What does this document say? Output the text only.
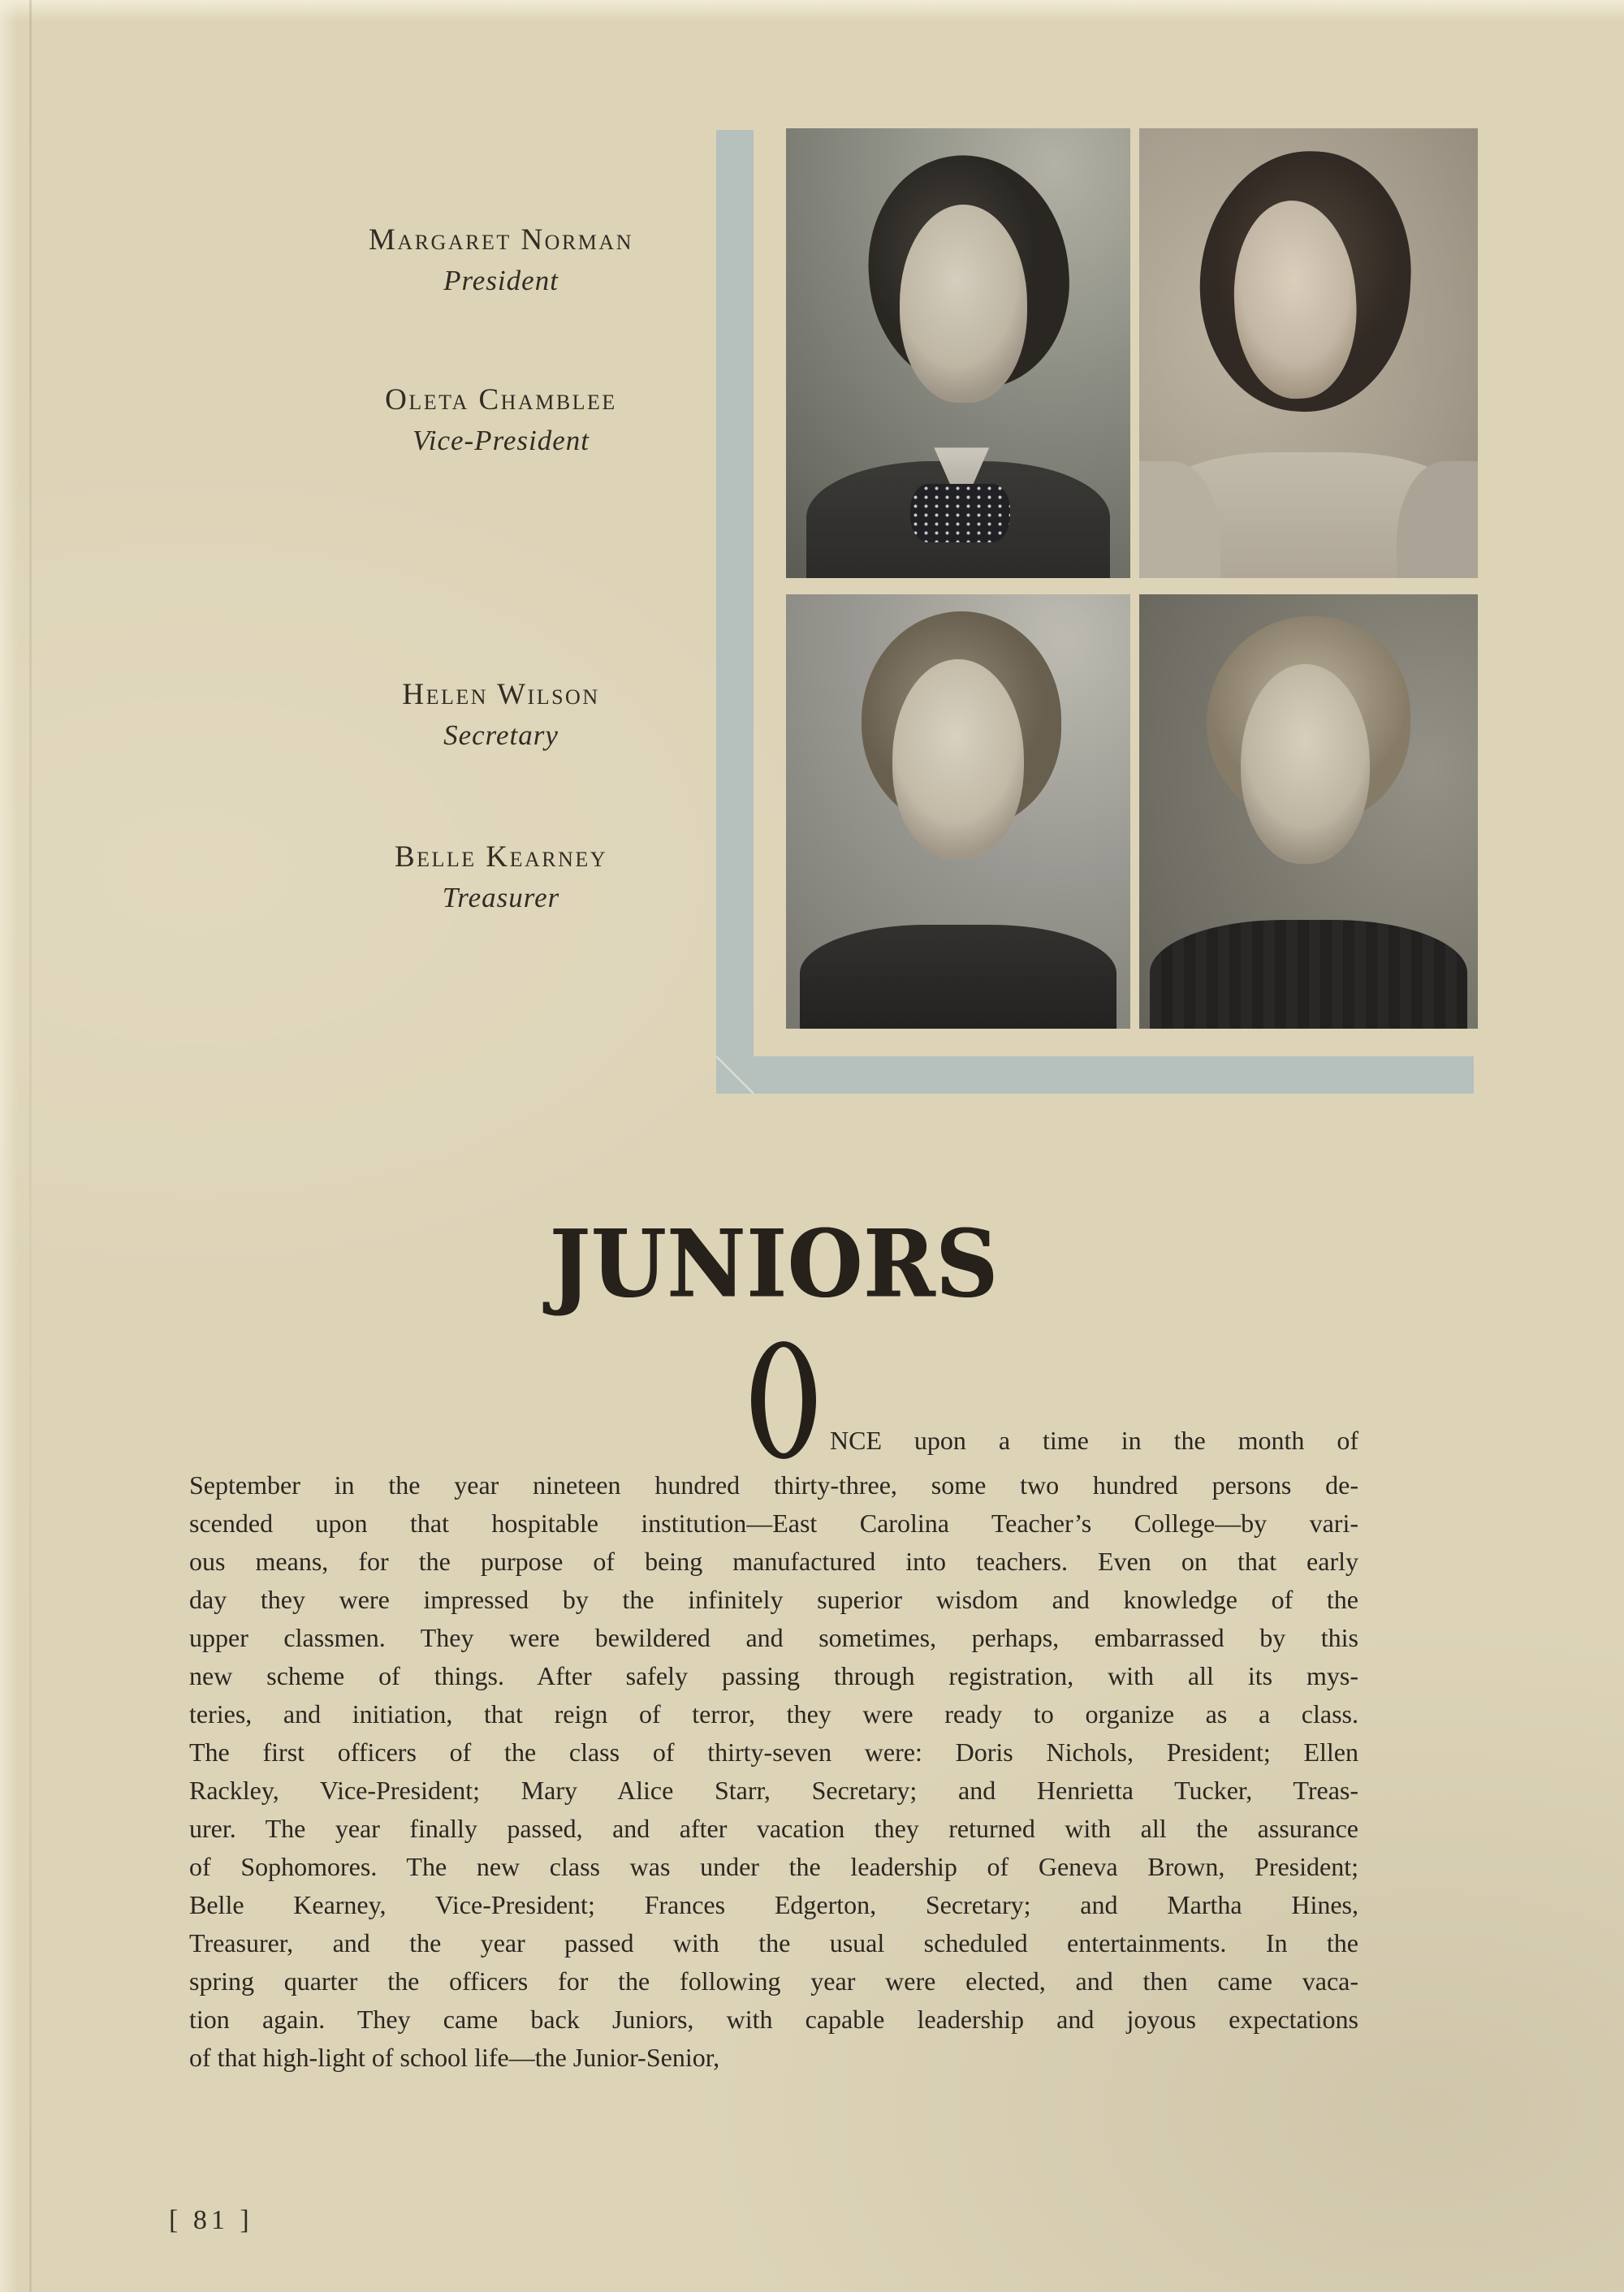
Margaret Norman
President
Oleta Chamblee
Vice-President
Helen Wilson
Secretary
Belle Kearney
Treasurer
JUNIORS
NCE upon a time in the month of
September in the year nineteen hundred thirty-three, some two hundred persons de-
scended upon that hospitable institution—East Carolina Teacher’s College—by vari-
ous means, for the purpose of being manufactured into teachers. Even on that early
day they were impressed by the infinitely superior wisdom and knowledge of the
upper classmen. They were bewildered and sometimes, perhaps, embarrassed by this
new scheme of things. After safely passing through registration, with all its mys-
teries, and initiation, that reign of terror, they were ready to organize as a class.
The first officers of the class of thirty-seven were: Doris Nichols, President; Ellen
Rackley, Vice-President; Mary Alice Starr, Secretary; and Henrietta Tucker, Treas-
urer. The year finally passed, and after vacation they returned with all the assurance
of Sophomores. The new class was under the leadership of Geneva Brown, President;
Belle Kearney, Vice-President; Frances Edgerton, Secretary; and Martha Hines,
Treasurer, and the year passed with the usual scheduled entertainments. In the
spring quarter the officers for the following year were elected, and then came vaca-
tion again. They came back Juniors, with capable leadership and joyous expectations
of that high-light of school life—the Junior-Senior,
[ 81 ]
